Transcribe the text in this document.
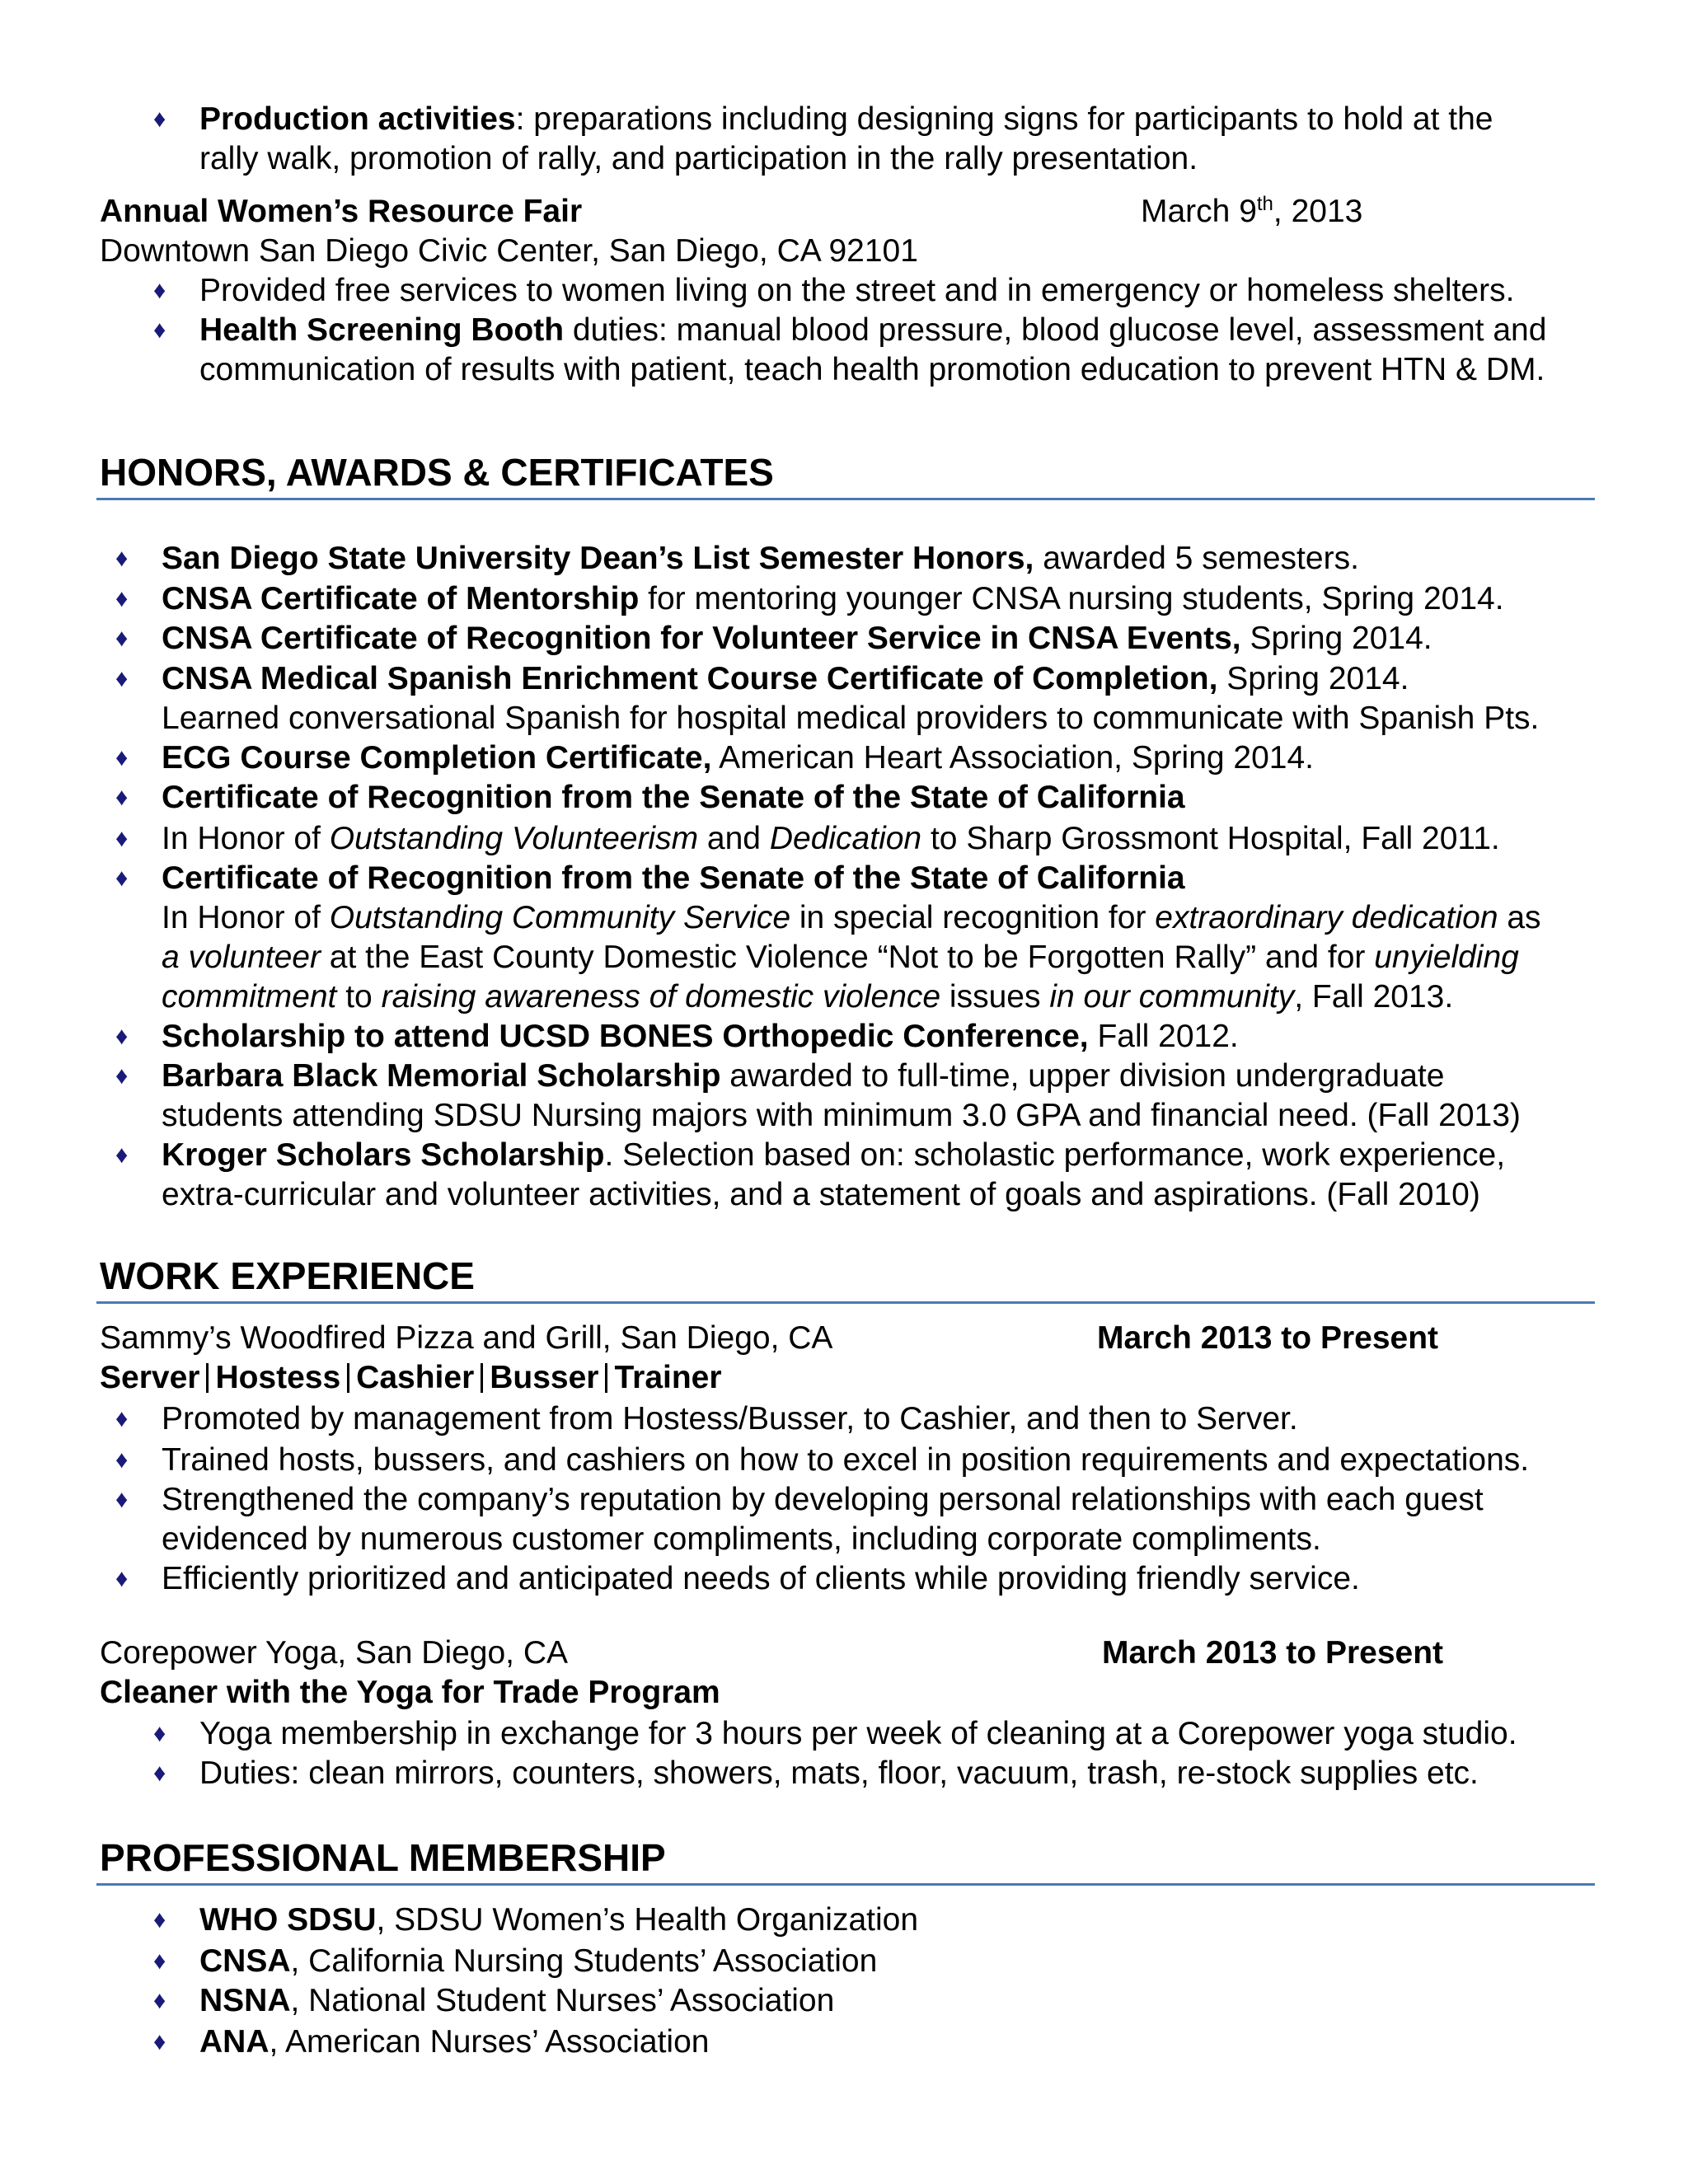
♦ Production activities: preparations including designing signs for participants to hold at the
rally walk, promotion of rally, and participation in the rally presentation.
Annual Women’s Resource Fair	March 9th, 2013
Downtown San Diego Civic Center, San Diego, CA 92101
♦ Provided free services to women living on the street and in emergency or homeless shelters.
♦ Health Screening Booth duties: manual blood pressure, blood glucose level, assessment and
communication of results with patient, teach health promotion education to prevent HTN & DM.
HONORS, AWARDS & CERTIFICATES
♦ San Diego State University Dean’s List Semester Honors, awarded 5 semesters.
♦ CNSA Certificate of Mentorship for mentoring younger CNSA nursing students, Spring 2014.
♦ CNSA Certificate of Recognition for Volunteer Service in CNSA Events, Spring 2014.
♦ CNSA Medical Spanish Enrichment Course Certificate of Completion, Spring 2014.
Learned conversational Spanish for hospital medical providers to communicate with Spanish Pts.
♦ ECG Course Completion Certificate, American Heart Association, Spring 2014.
♦ Certificate of Recognition from the Senate of the State of California
♦ In Honor of Outstanding Volunteerism and Dedication to Sharp Grossmont Hospital, Fall 2011.
♦ Certificate of Recognition from the Senate of the State of California
In Honor of Outstanding Community Service in special recognition for extraordinary dedication as
a volunteer at the East County Domestic Violence “Not to be Forgotten Rally” and for unyielding
commitment to raising awareness of domestic violence issues in our community, Fall 2013.
♦ Scholarship to attend UCSD BONES Orthopedic Conference, Fall 2012.
♦ Barbara Black Memorial Scholarship awarded to full-time, upper division undergraduate
students attending SDSU Nursing majors with minimum 3.0 GPA and financial need. (Fall 2013)
♦ Kroger Scholars Scholarship. Selection based on: scholastic performance, work experience,
extra-curricular and volunteer activities, and a statement of goals and aspirations. (Fall 2010)
WORK EXPERIENCE
Sammy’s Woodfired Pizza and Grill, San Diego, CA	March 2013 to Present
Server Hostess Cashier Busser Trainer
♦ Promoted by management from Hostess/Busser, to Cashier, and then to Server.
♦ Trained hosts, bussers, and cashiers on how to excel in position requirements and expectations.
♦ Strengthened the company’s reputation by developing personal relationships with each guest
evidenced by numerous customer compliments, including corporate compliments.
♦ Efficiently prioritized and anticipated needs of clients while providing friendly service.
Corepower Yoga, San Diego, CA	March 2013 to Present
Cleaner with the Yoga for Trade Program
♦ Yoga membership in exchange for 3 hours per week of cleaning at a Corepower yoga studio.
♦ Duties: clean mirrors, counters, showers, mats, floor, vacuum, trash, re-stock supplies etc.
PROFESSIONAL MEMBERSHIP
♦ WHO SDSU, SDSU Women’s Health Organization
♦ CNSA, California Nursing Students’ Association
♦ NSNA, National Student Nurses’ Association
♦ ANA, American Nurses’ Association
